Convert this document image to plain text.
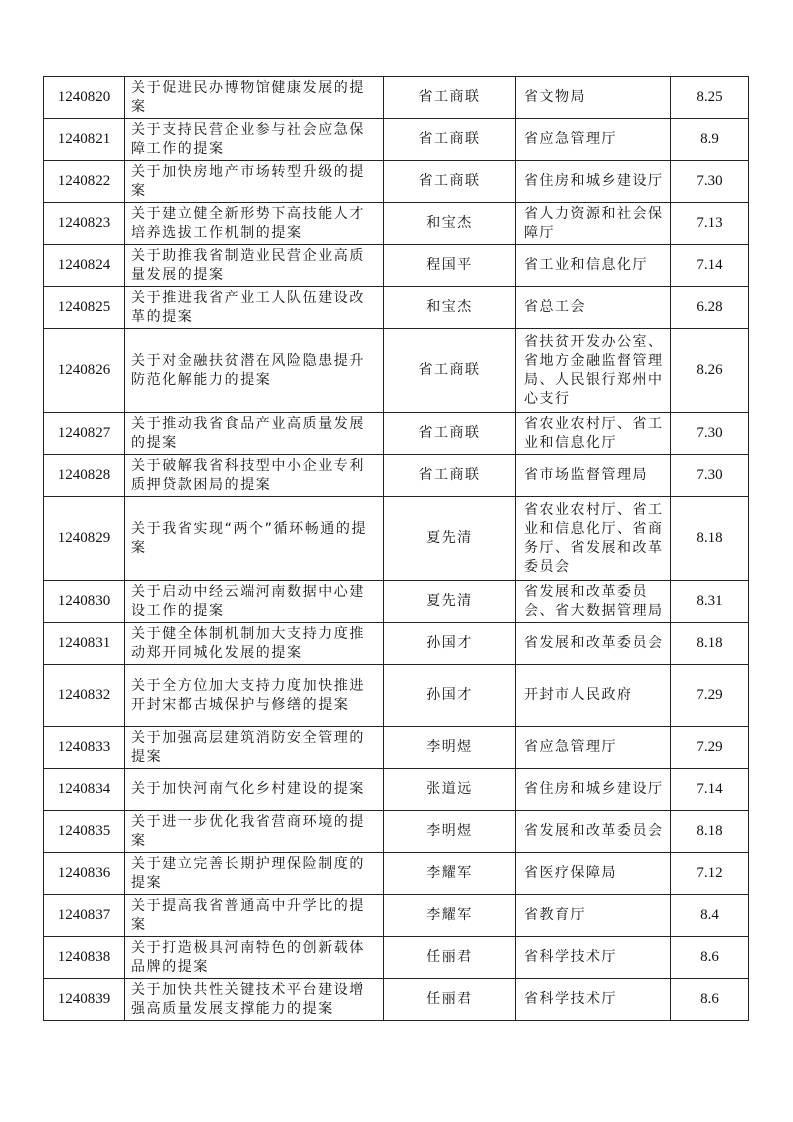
1240820	关于促进民办博物馆健康发展的提案	省工商联	省文物局	8.25
1240821	关于支持民营企业参与社会应急保障工作的提案	省工商联	省应急管理厅	8.9
1240822	关于加快房地产市场转型升级的提案	省工商联	省住房和城乡建设厅	7.30
1240823	关于建立健全新形势下高技能人才培养选拔工作机制的提案	和宝杰	省人力资源和社会保障厅	7.13
1240824	关于助推我省制造业民营企业高质量发展的提案	程国平	省工业和信息化厅	7.14
1240825	关于推进我省产业工人队伍建设改革的提案	和宝杰	省总工会	6.28
1240826	关于对金融扶贫潜在风险隐患提升防范化解能力的提案	省工商联	省扶贫开发办公室、省地方金融监督管理局、人民银行郑州中心支行	8.26
1240827	关于推动我省食品产业高质量发展的提案	省工商联	省农业农村厅、省工业和信息化厅	7.30
1240828	关于破解我省科技型中小企业专利质押贷款困局的提案	省工商联	省市场监督管理局	7.30
1240829	关于我省实现“两个”循环畅通的提案	夏先清	省农业农村厅、省工业和信息化厅、省商务厅、省发展和改革委员会	8.18
1240830	关于启动中经云端河南数据中心建设工作的提案	夏先清	省发展和改革委员会、省大数据管理局	8.31
1240831	关于健全体制机制加大支持力度推动郑开同城化发展的提案	孙国才	省发展和改革委员会	8.18
1240832	关于全方位加大支持力度加快推进开封宋都古城保护与修缮的提案	孙国才	开封市人民政府	7.29
1240833	关于加强高层建筑消防安全管理的提案	李明煜	省应急管理厅	7.29
1240834	关于加快河南气化乡村建设的提案	张道远	省住房和城乡建设厅	7.14
1240835	关于进一步优化我省营商环境的提案	李明煜	省发展和改革委员会	8.18
1240836	关于建立完善长期护理保险制度的提案	李耀军	省医疗保障局	7.12
1240837	关于提高我省普通高中升学比的提案	李耀军	省教育厅	8.4
1240838	关于打造极具河南特色的创新载体品牌的提案	任丽君	省科学技术厅	8.6
1240839	关于加快共性关键技术平台建设增强高质量发展支撑能力的提案	任丽君	省科学技术厅	8.6
